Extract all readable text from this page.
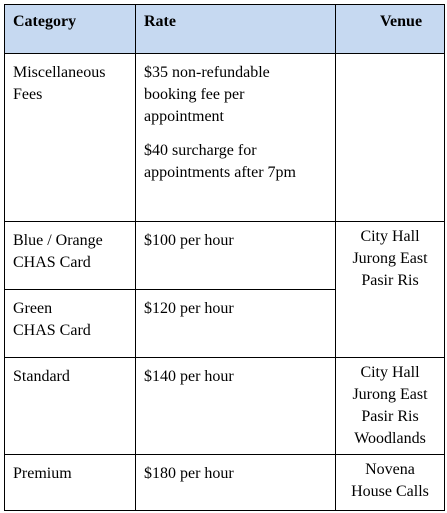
Category	Rate	Venue

Miscellaneous
Fees	$35 non-refundable
booking fee per
appointment
$40 surcharge for
appointments after 7pm	

Blue / Orange
CHAS Card	$100 per hour	City Hall
Jurong East
Pasir Ris

Green
CHAS Card	$120 per hour	

Standard	$140 per hour	City Hall
Jurong East
Pasir Ris
Woodlands

Premium	$180 per hour	Novena
House Calls
